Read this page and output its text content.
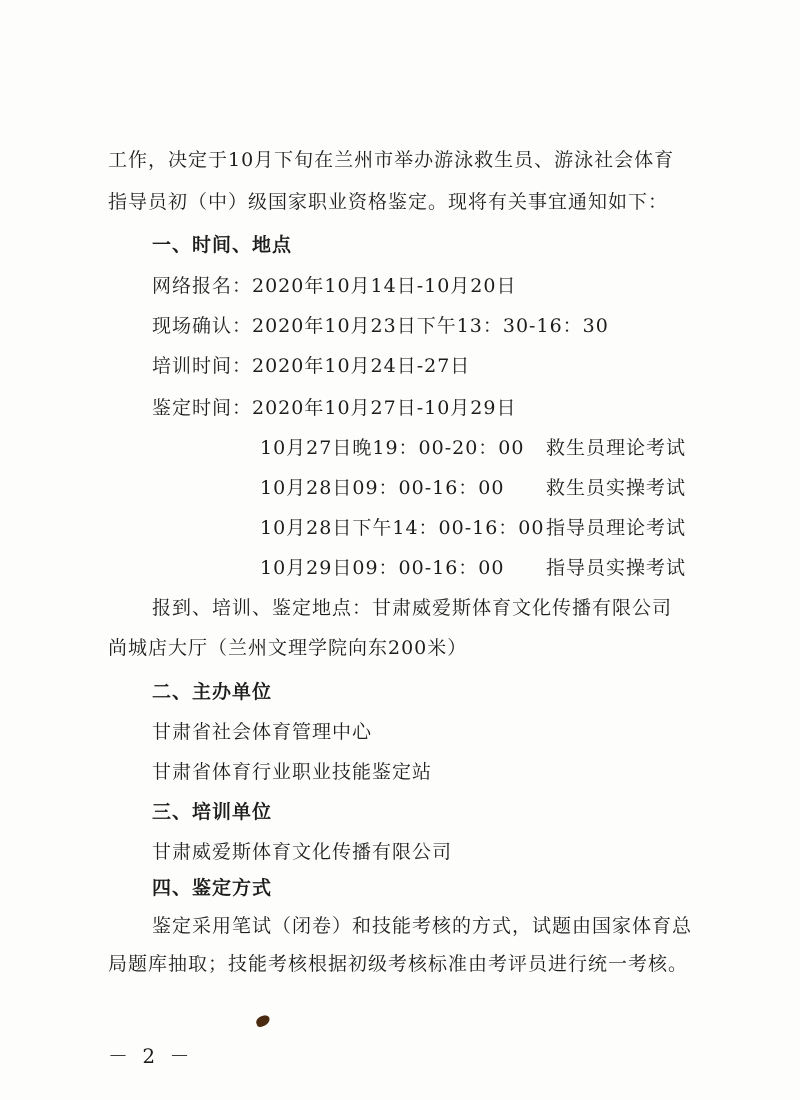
工作，决定于10月下旬在兰州市举办游泳救生员、游泳社会体育
指导员初（中）级国家职业资格鉴定。现将有关事宜通知如下：
一、时间、地点
网络报名：2020年10月14日-10月20日
现场确认：2020年10月23日下午13：30-16：30
培训时间：2020年10月24日-27日
鉴定时间：2020年10月27日-10月29日
10月27日晚19：00-20：00 救生员理论考试
10月28日09：00-16：00 救生员实操考试
10月28日下午14：00-16：00 指导员理论考试
10月29日09：00-16：00 指导员实操考试
报到、培训、鉴定地点：甘肃威爱斯体育文化传播有限公司
尚城店大厅（兰州文理学院向东200米）
二、主办单位
甘肃省社会体育管理中心
甘肃省体育行业职业技能鉴定站
三、培训单位
甘肃威爱斯体育文化传播有限公司
四、鉴定方式
鉴定采用笔试（闭卷）和技能考核的方式，试题由国家体育总
局题库抽取；技能考核根据初级考核标准由考评员进行统一考核。
－ 2 －
